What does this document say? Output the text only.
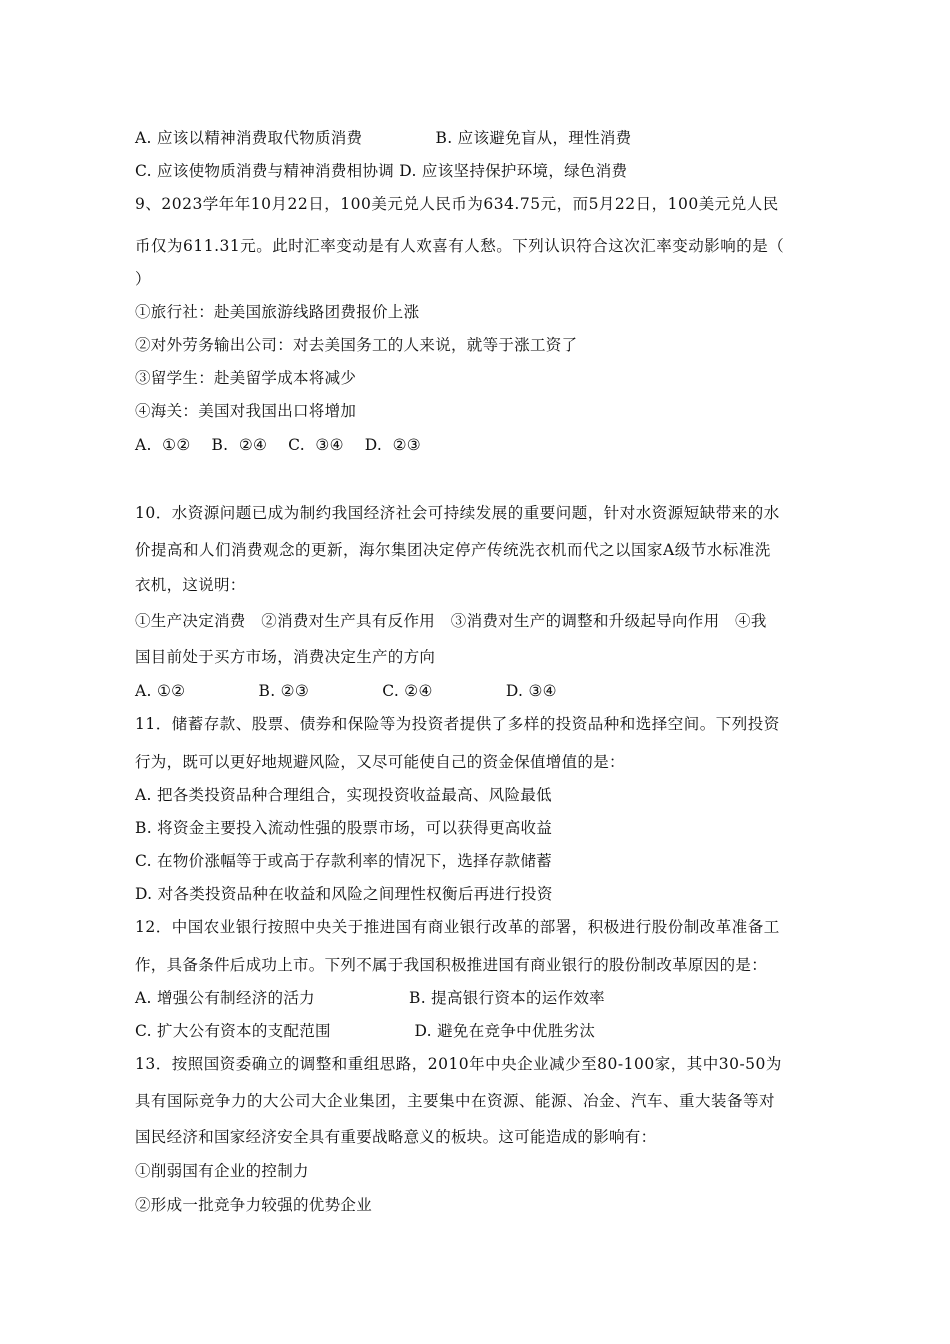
A. 应该以精神消费取代物质消费              B. 应该避免盲从，理性消费
C. 应该使物质消费与精神消费相协调 D. 应该坚持保护环境，绿色消费
9、2023学年年10月22日，100美元兑人民币为634.75元，而5月22日，100美元兑人民
币仅为611.31元。此时汇率变动是有人欢喜有人愁。下列认识符合这次汇率变动影响的是（
）
①旅行社：赴美国旅游线路团费报价上涨
②对外劳务输出公司：对去美国务工的人来说，就等于涨工资了
③留学生：赴美留学成本将减少
④海关：美国对我国出口将增加
A.  ①②    B.  ②④    C.  ③④    D.  ②③
10．水资源问题已成为制约我国经济社会可持续发展的重要问题，针对水资源短缺带来的水
价提高和人们消费观念的更新，海尔集团决定停产传统洗衣机而代之以国家A级节水标准洗
衣机，这说明：
①生产决定消费   ②消费对生产具有反作用   ③消费对生产的调整和升级起导向作用   ④我
国目前处于买方市场，消费决定生产的方向
A. ①②              B. ②③              C. ②④              D. ③④
11．储蓄存款、股票、债券和保险等为投资者提供了多样的投资品种和选择空间。下列投资
行为，既可以更好地规避风险，又尽可能使自己的资金保值增值的是：
A. 把各类投资品种合理组合，实现投资收益最高、风险最低
B. 将资金主要投入流动性强的股票市场，可以获得更高收益
C. 在物价涨幅等于或高于存款利率的情况下，选择存款储蓄
D. 对各类投资品种在收益和风险之间理性权衡后再进行投资
12．中国农业银行按照中央关于推进国有商业银行改革的部署，积极进行股份制改革准备工
作，具备条件后成功上市。下列不属于我国积极推进国有商业银行的股份制改革原因的是：
A. 增强公有制经济的活力                  B. 提高银行资本的运作效率
C. 扩大公有资本的支配范围                D. 避免在竞争中优胜劣汰
13．按照国资委确立的调整和重组思路，2010年中央企业减少至80-100家，其中30-50为
具有国际竞争力的大公司大企业集团，主要集中在资源、能源、冶金、汽车、重大装备等对
国民经济和国家经济安全具有重要战略意义的板块。这可能造成的影响有：
①削弱国有企业的控制力
②形成一批竞争力较强的优势企业
